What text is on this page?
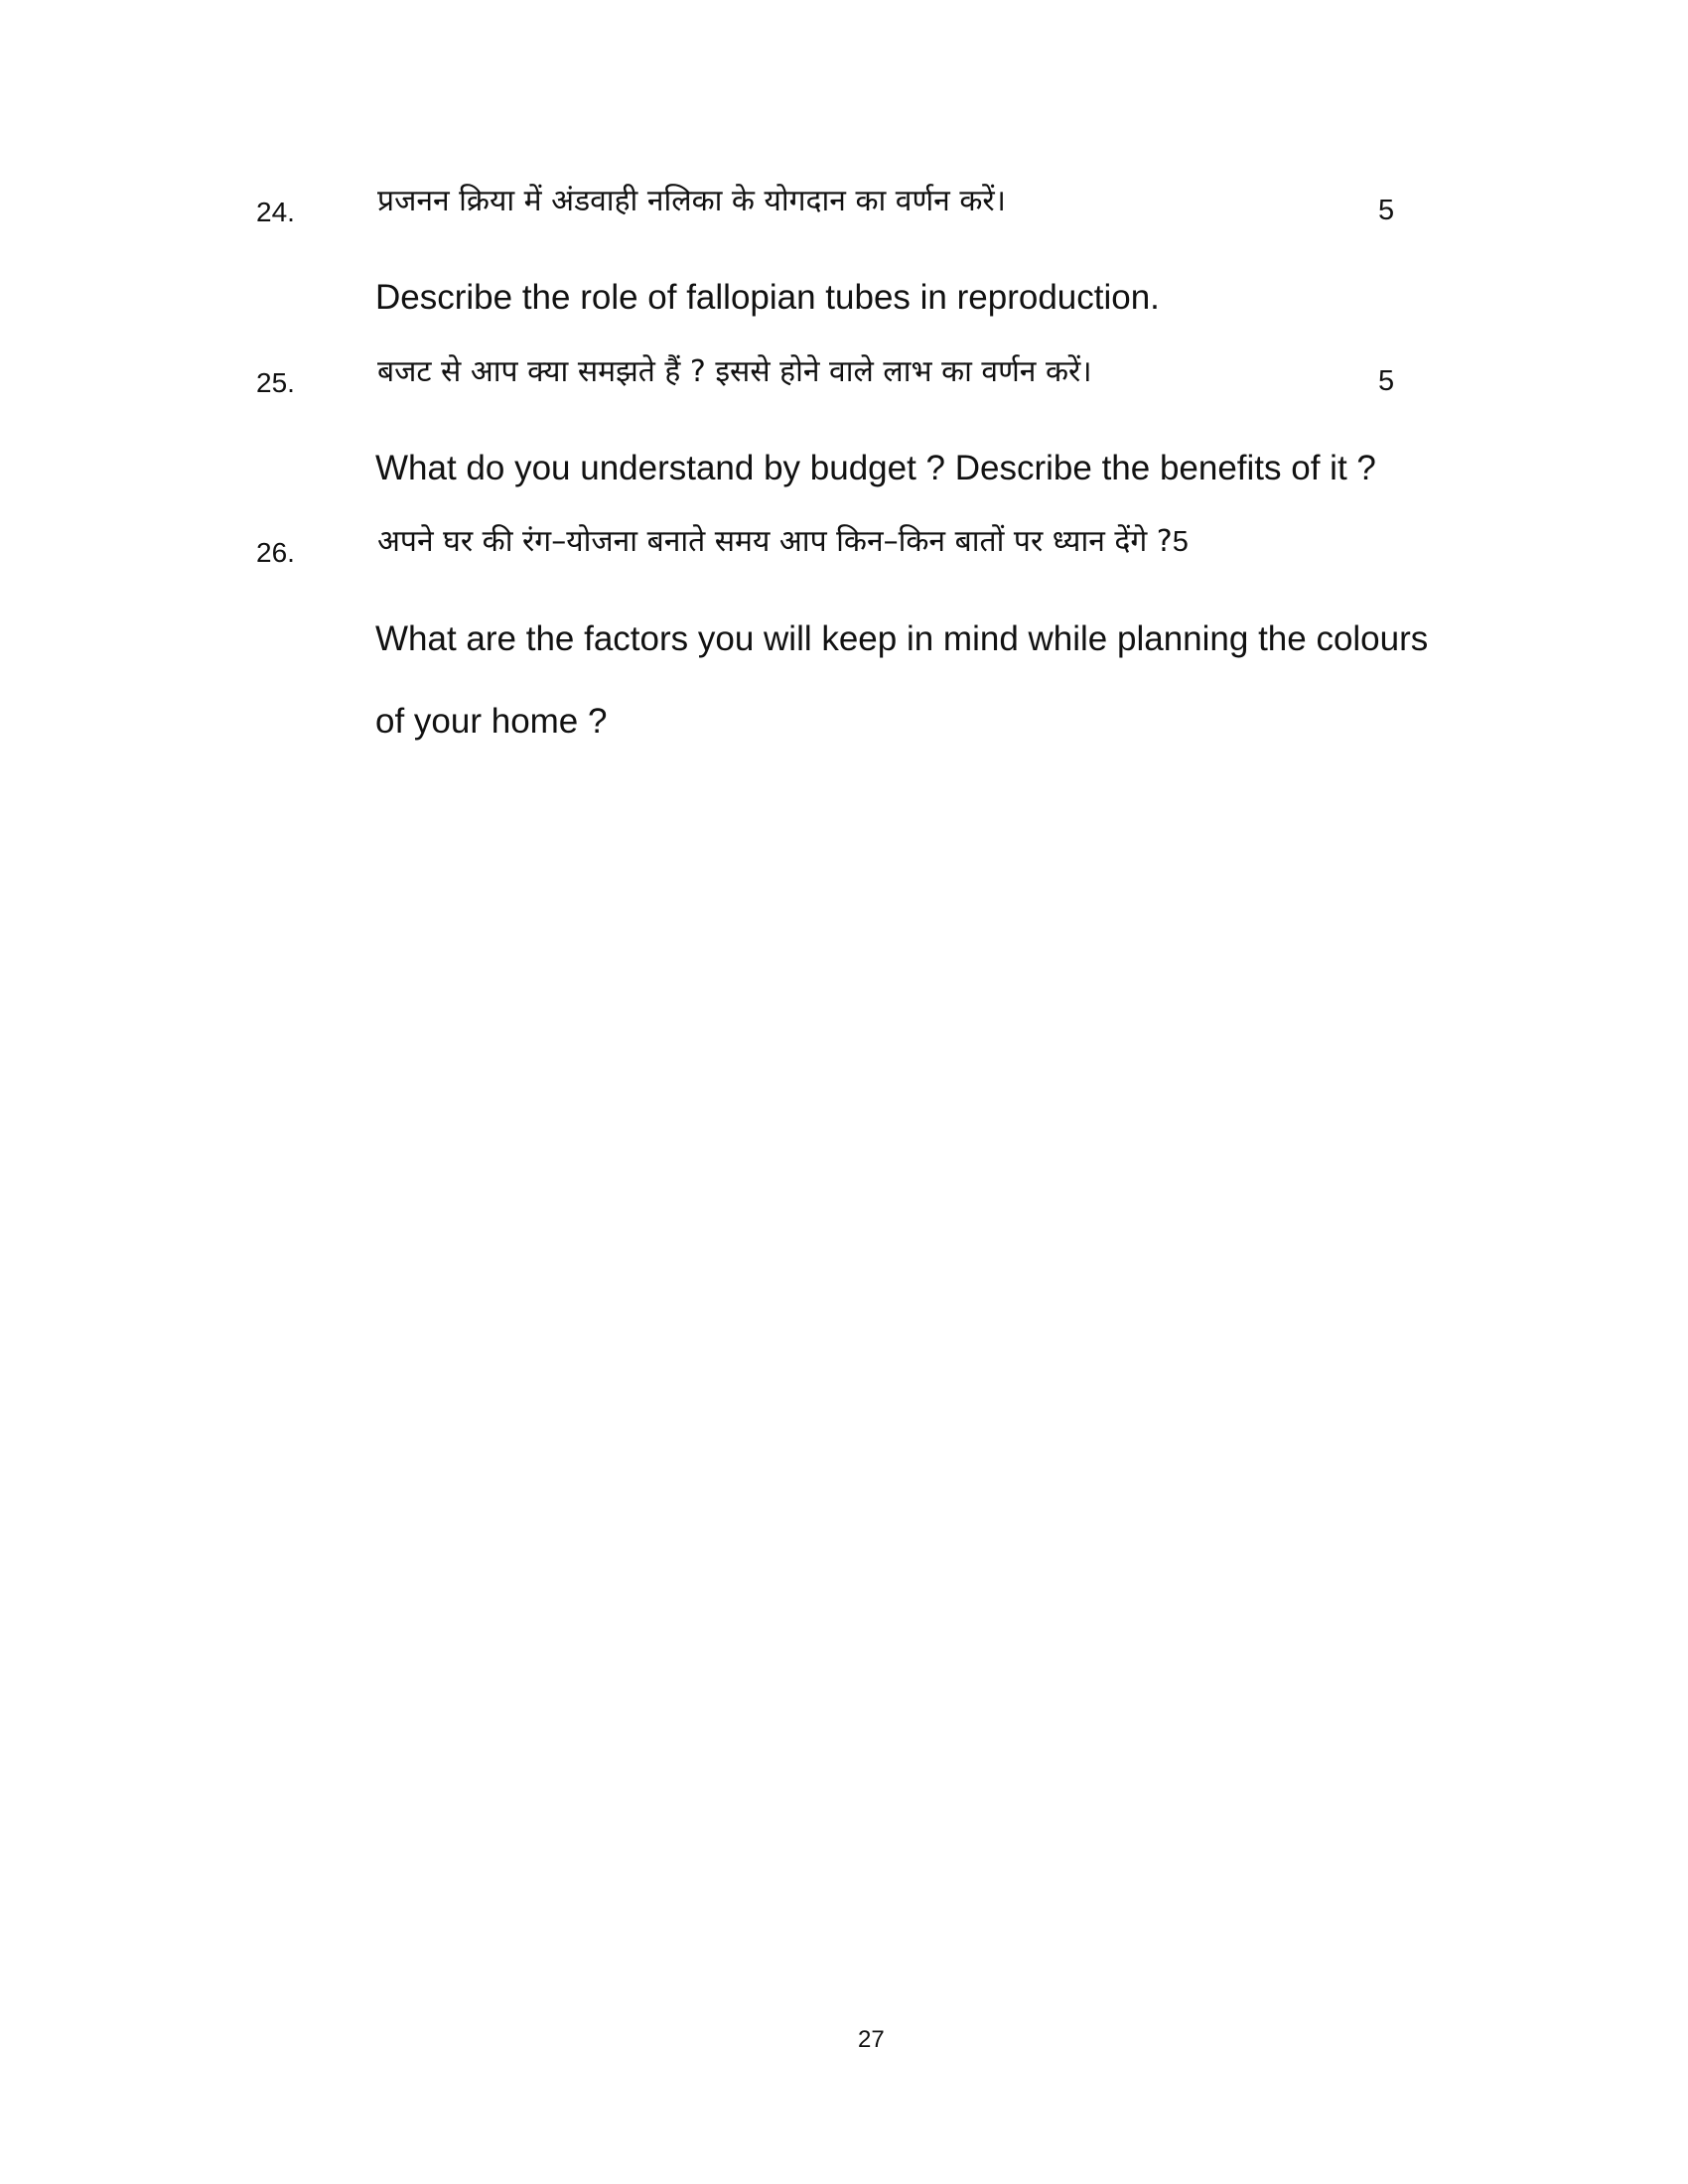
24.	प्रजनन क्रिया में अंडवाही नलिका के योगदान का वर्णन करें।	5
Describe the role of fallopian tubes in reproduction.
25.	बजट से आप क्या समझते हैं ? इससे होने वाले लाभ का वर्णन करें।	5
What do you understand by budget ? Describe the benefits of it ?
26.	अपने घर की रंग–योजना बनाते समय आप किन–किन बातों पर ध्यान देंगे ?5
What are the factors you will keep in mind while planning the colours
of your home ?
27
